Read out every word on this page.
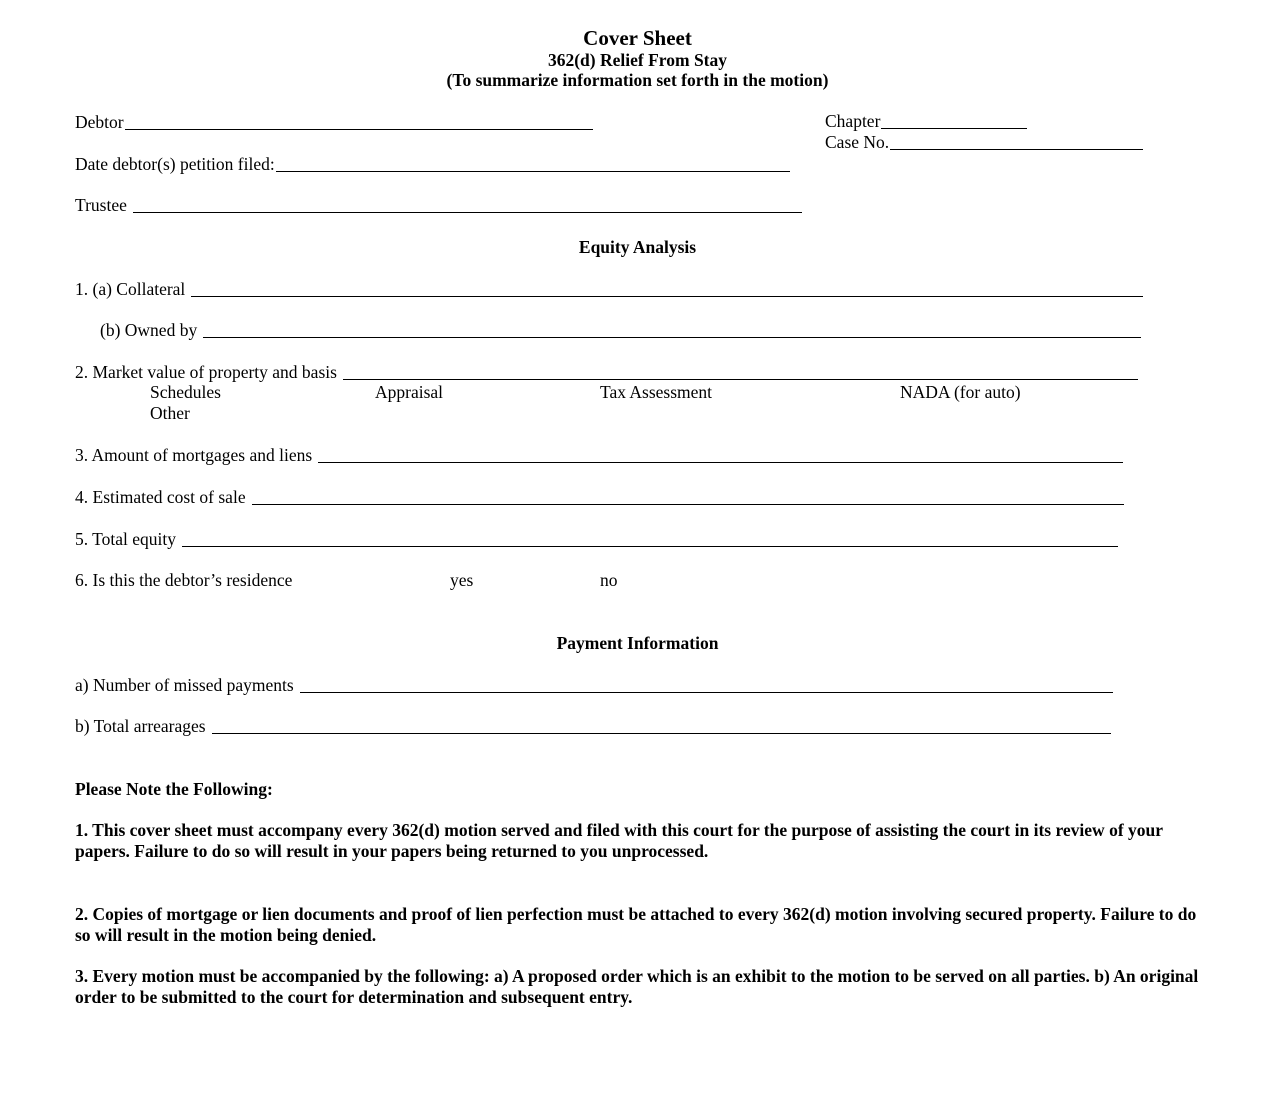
Cover Sheet
362(d) Relief From Stay
(To summarize information set forth in the motion)
Debtor	Chapter
Case No.
Date debtor(s) petition filed:
Trustee
Equity Analysis
1. (a) Collateral
(b) Owned by
2. Market value of property and basis
Schedules	Appraisal	Tax Assessment	NADA (for auto)
Other
3. Amount of mortgages and liens
4. Estimated cost of sale
5. Total equity
6. Is this the debtor’s residence	yes	no
Payment Information
a) Number of missed payments
b) Total arrearages
Please Note the Following:
1. This cover sheet must accompany every 362(d) motion served and filed with this court for the purpose of assisting the court in its review of your papers. Failure to do so will result in your papers being returned to you unprocessed.
2. Copies of mortgage or lien documents and proof of lien perfection must be attached to every 362(d) motion involving secured property. Failure to do so will result in the motion being denied.
3. Every motion must be accompanied by the following: a) A proposed order which is an exhibit to the motion to be served on all parties. b) An original order to be submitted to the court for determination and subsequent entry.
